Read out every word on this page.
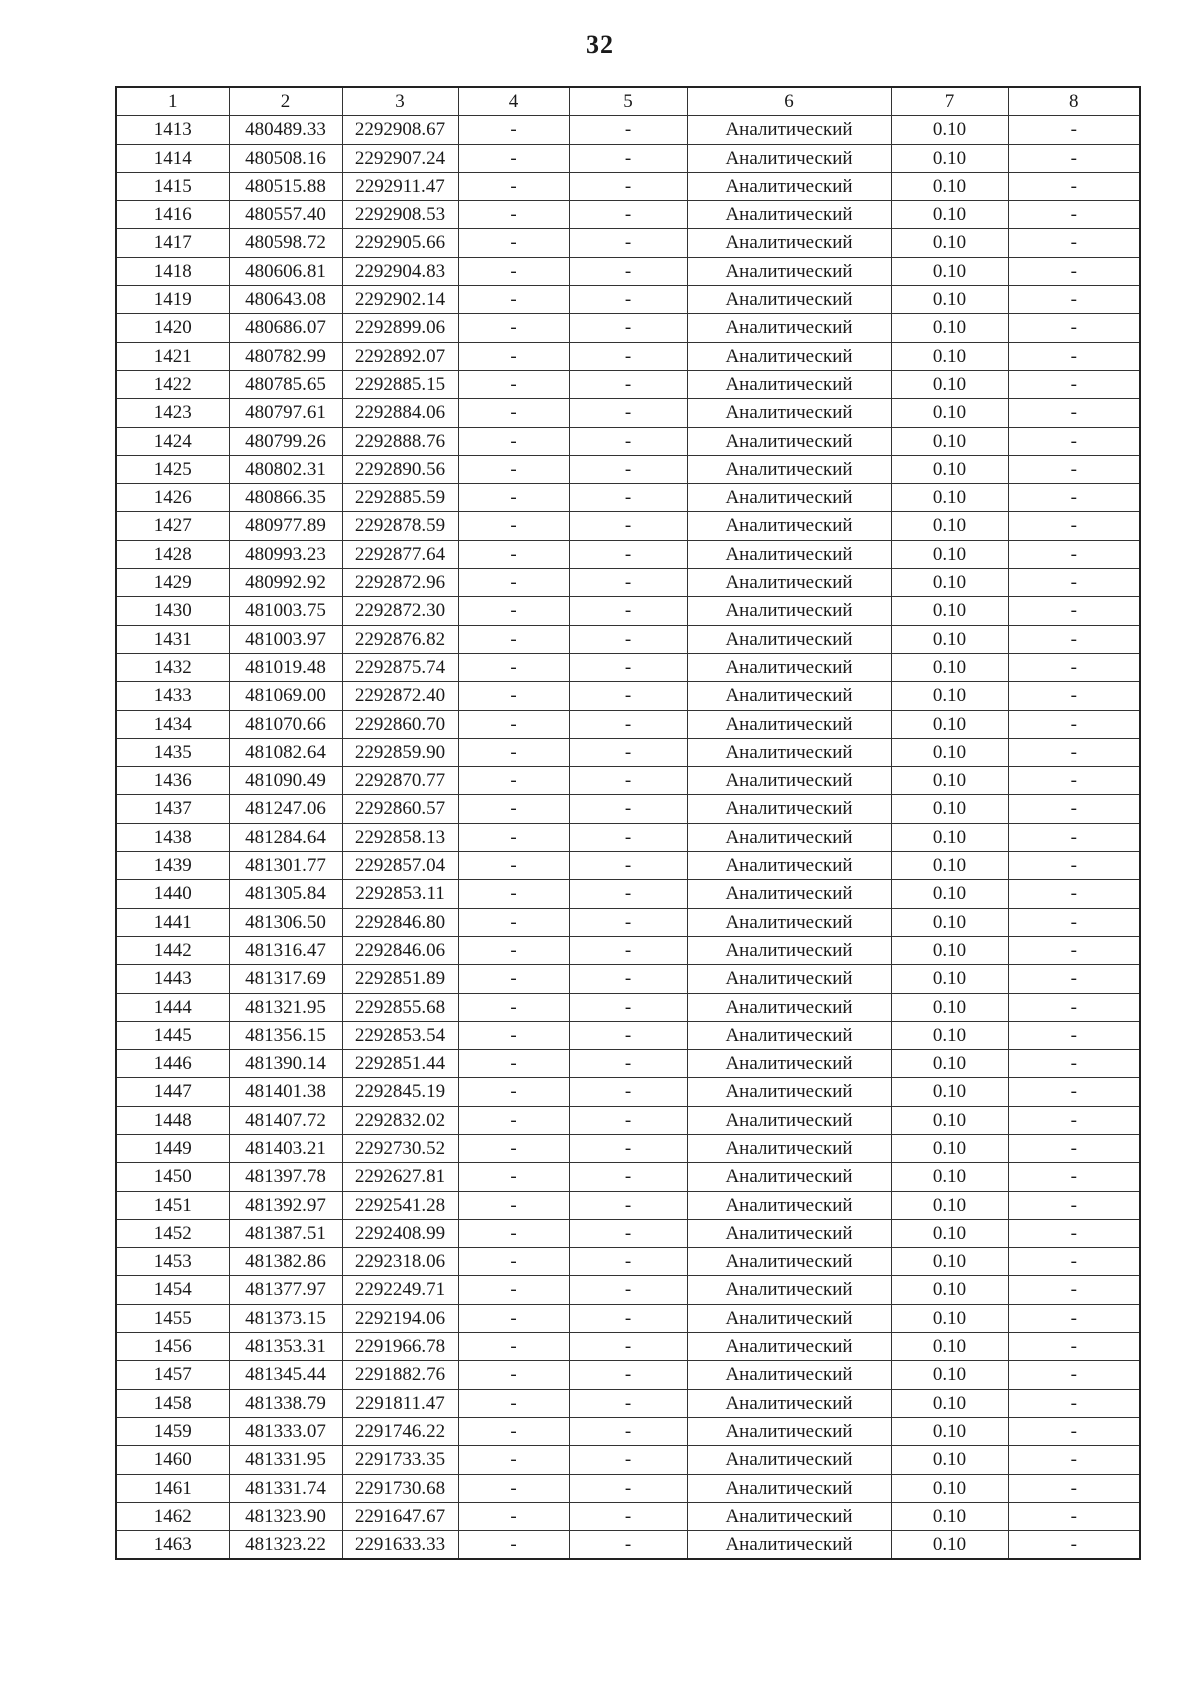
32
1	2	3	4	5	6	7	8
1413	480489.33	2292908.67	-	-	Аналитический	0.10	-
1414	480508.16	2292907.24	-	-	Аналитический	0.10	-
1415	480515.88	2292911.47	-	-	Аналитический	0.10	-
1416	480557.40	2292908.53	-	-	Аналитический	0.10	-
1417	480598.72	2292905.66	-	-	Аналитический	0.10	-
1418	480606.81	2292904.83	-	-	Аналитический	0.10	-
1419	480643.08	2292902.14	-	-	Аналитический	0.10	-
1420	480686.07	2292899.06	-	-	Аналитический	0.10	-
1421	480782.99	2292892.07	-	-	Аналитический	0.10	-
1422	480785.65	2292885.15	-	-	Аналитический	0.10	-
1423	480797.61	2292884.06	-	-	Аналитический	0.10	-
1424	480799.26	2292888.76	-	-	Аналитический	0.10	-
1425	480802.31	2292890.56	-	-	Аналитический	0.10	-
1426	480866.35	2292885.59	-	-	Аналитический	0.10	-
1427	480977.89	2292878.59	-	-	Аналитический	0.10	-
1428	480993.23	2292877.64	-	-	Аналитический	0.10	-
1429	480992.92	2292872.96	-	-	Аналитический	0.10	-
1430	481003.75	2292872.30	-	-	Аналитический	0.10	-
1431	481003.97	2292876.82	-	-	Аналитический	0.10	-
1432	481019.48	2292875.74	-	-	Аналитический	0.10	-
1433	481069.00	2292872.40	-	-	Аналитический	0.10	-
1434	481070.66	2292860.70	-	-	Аналитический	0.10	-
1435	481082.64	2292859.90	-	-	Аналитический	0.10	-
1436	481090.49	2292870.77	-	-	Аналитический	0.10	-
1437	481247.06	2292860.57	-	-	Аналитический	0.10	-
1438	481284.64	2292858.13	-	-	Аналитический	0.10	-
1439	481301.77	2292857.04	-	-	Аналитический	0.10	-
1440	481305.84	2292853.11	-	-	Аналитический	0.10	-
1441	481306.50	2292846.80	-	-	Аналитический	0.10	-
1442	481316.47	2292846.06	-	-	Аналитический	0.10	-
1443	481317.69	2292851.89	-	-	Аналитический	0.10	-
1444	481321.95	2292855.68	-	-	Аналитический	0.10	-
1445	481356.15	2292853.54	-	-	Аналитический	0.10	-
1446	481390.14	2292851.44	-	-	Аналитический	0.10	-
1447	481401.38	2292845.19	-	-	Аналитический	0.10	-
1448	481407.72	2292832.02	-	-	Аналитический	0.10	-
1449	481403.21	2292730.52	-	-	Аналитический	0.10	-
1450	481397.78	2292627.81	-	-	Аналитический	0.10	-
1451	481392.97	2292541.28	-	-	Аналитический	0.10	-
1452	481387.51	2292408.99	-	-	Аналитический	0.10	-
1453	481382.86	2292318.06	-	-	Аналитический	0.10	-
1454	481377.97	2292249.71	-	-	Аналитический	0.10	-
1455	481373.15	2292194.06	-	-	Аналитический	0.10	-
1456	481353.31	2291966.78	-	-	Аналитический	0.10	-
1457	481345.44	2291882.76	-	-	Аналитический	0.10	-
1458	481338.79	2291811.47	-	-	Аналитический	0.10	-
1459	481333.07	2291746.22	-	-	Аналитический	0.10	-
1460	481331.95	2291733.35	-	-	Аналитический	0.10	-
1461	481331.74	2291730.68	-	-	Аналитический	0.10	-
1462	481323.90	2291647.67	-	-	Аналитический	0.10	-
1463	481323.22	2291633.33	-	-	Аналитический	0.10	-
